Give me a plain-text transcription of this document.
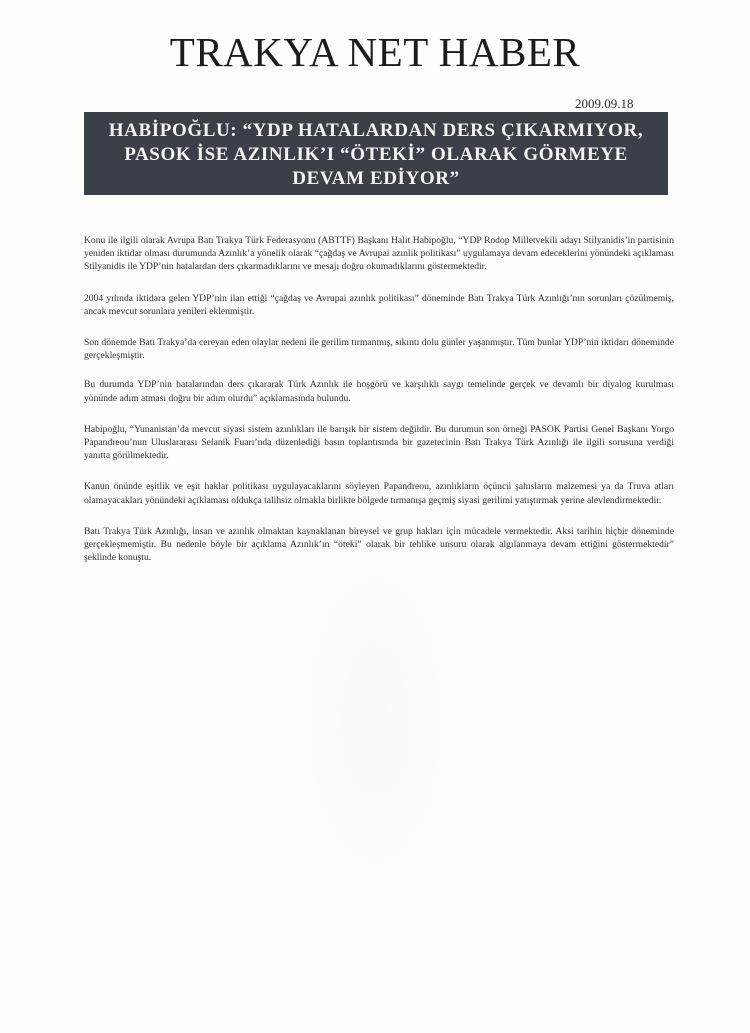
TRAKYA NET HABER
2009.09.18
HABİPOĞLU: “YDP HATALARDAN DERS ÇIKARMIYOR, PASOK İSE AZINLIK’I “ÖTEKİ” OLARAK GÖRMEYE DEVAM EDİYOR”

Konu ile ilgili olarak Avrupa Batı Trakya Türk Federasyonu (ABTTF) Başkanı Halit Habipoğlu, “YDP Rodop Milletvekili adayı Stilyanidis’in partisinin yeniden iktidar olması durumunda Azınlık’a yönelik olarak “çağdaş ve Avrupai azınlık politikası” uygulamaya devam edeceklerini yönündeki açıklaması Stilyanidis ile YDP’nin hatalardan ders çıkarmadıklarını ve mesajı doğru okumadıklarını göstermektedir.

2004 yılında iktidara gelen YDP’nin ilan ettiği “çağdaş ve Avrupai azınlık politikası” döneminde Batı Trakya Türk Azınlığı’nın sorunları çözülmemiş, ancak mevcut sorunlara yenileri eklenmiştir.

Son dönemde Batı Trakya’da cereyan eden olaylar nedeni ile gerilim tırmanmış, sıkıntı dolu günler yaşanmıştır. Tüm bunlar YDP’nin iktidarı döneminde gerçekleşmiştir.

Bu durumda YDP’nin hatalarından ders çıkararak Türk Azınlık ile hoşgörü ve karşılıklı saygı temelinde gerçek ve devamlı bir diyalog kurulması yönünde adım atması doğru bir adım olurdu” açıklamasında bulundu.

Habipoğlu, “Yunanistan’da mevcut siyasi sistem azınlıkları ile barışık bir sistem değildir. Bu durumun son örneği PASOK Partisi Genel Başkanı Yorgo Papandreou’nun Uluslararası Selanik Fuarı’nda düzenlediği basın toplantısında bir gazetecinin Batı Trakya Türk Azınlığı ile ilgili sorusuna verdiği yanıtta görülmektedir.

Kanun önünde eşitlik ve eşit haklar politikası uygulayacaklarını söyleyen Papandreou, azınlıkların öçüncü şahısların malzemesi ya da Truva atları olamayacakları yönündeki açıklaması oldukça talihsiz olmakla birlikte bölgede tırmanışa geçmiş siyasi gerilimi yatıştırmak yerine alevlendirmektedir.

Batı Trakya Türk Azınlığı, insan ve azınlık olmaktan kaynaklanan bireysel ve grup hakları için mücadele vermektedir. Aksi tarihin hiçbir döneminde gerçekleşmemiştir. Bu nedenle böyle bir açıklama Azınlık’ın “öteki” olarak bir tehlike unsuru olarak algılanmaya devam ettiğini göstermektedir” şeklinde konuştu.
